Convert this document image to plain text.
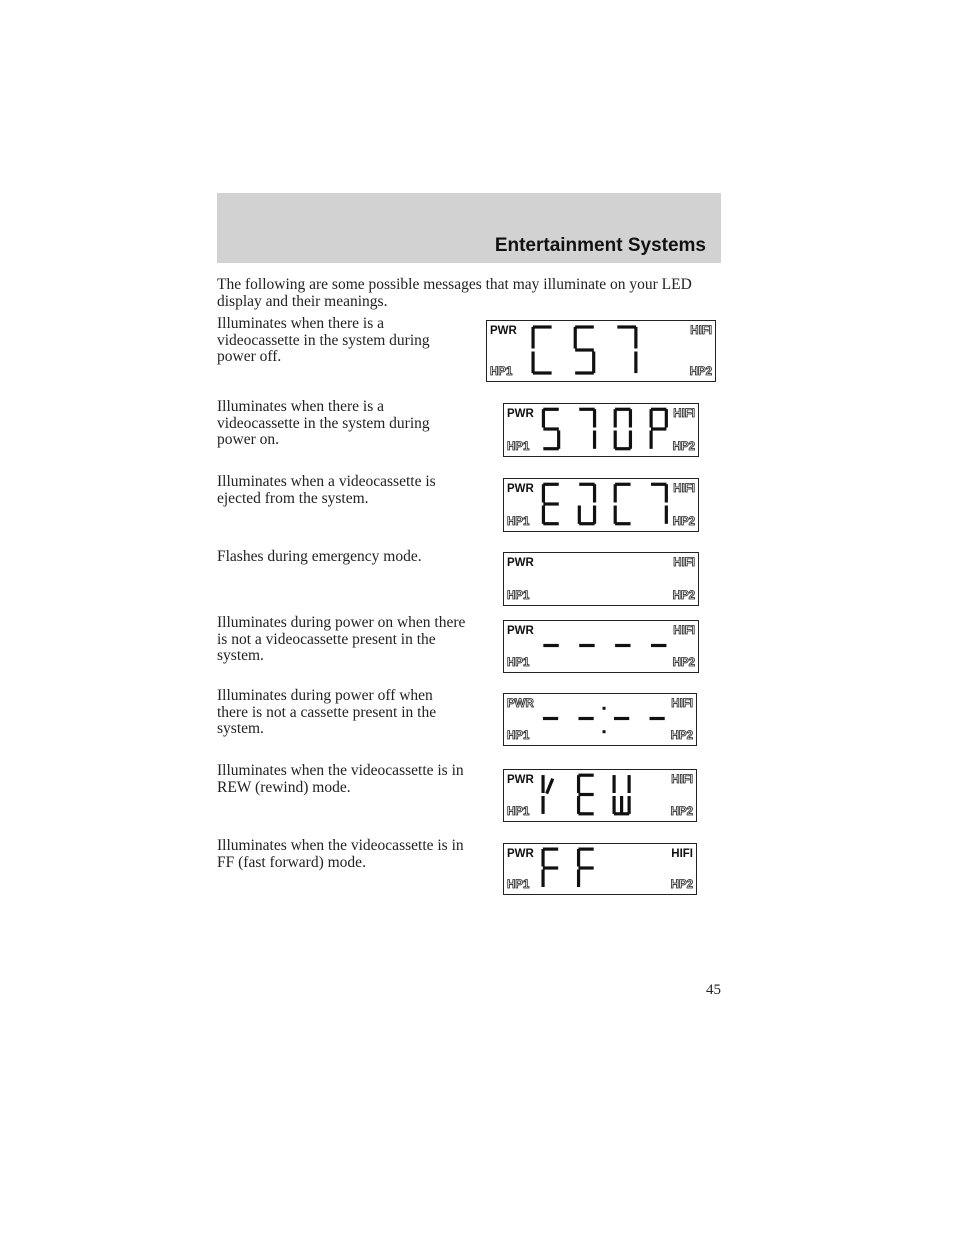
Entertainment Systems
The following are some possible messages that may illuminate on your LED display and their meanings.
Illuminates when there is a videocassette in the system during power off.
Illuminates when there is a videocassette in the system during power on.
Illuminates when a videocassette is ejected from the system.
Flashes during emergency mode.
Illuminates during power on when there is not a videocassette present in the system.
Illuminates during power off when there is not a cassette present in the system.
Illuminates when the videocassette is in REW (rewind) mode.
Illuminates when the videocassette is in FF (fast forward) mode.
PWR	HIFI
HP1	HP2
PWR	HIFI
HP1	HP2
PWR	HIFI
HP1	HP2
PWR	HIFI
HP1	HP2
PWR	HIFI
HP1	HP2
PWR	HIFI
HP1	HP2
PWR	HIFI
HP1	HP2
PWR	HIFI
HP1	HP2
45
